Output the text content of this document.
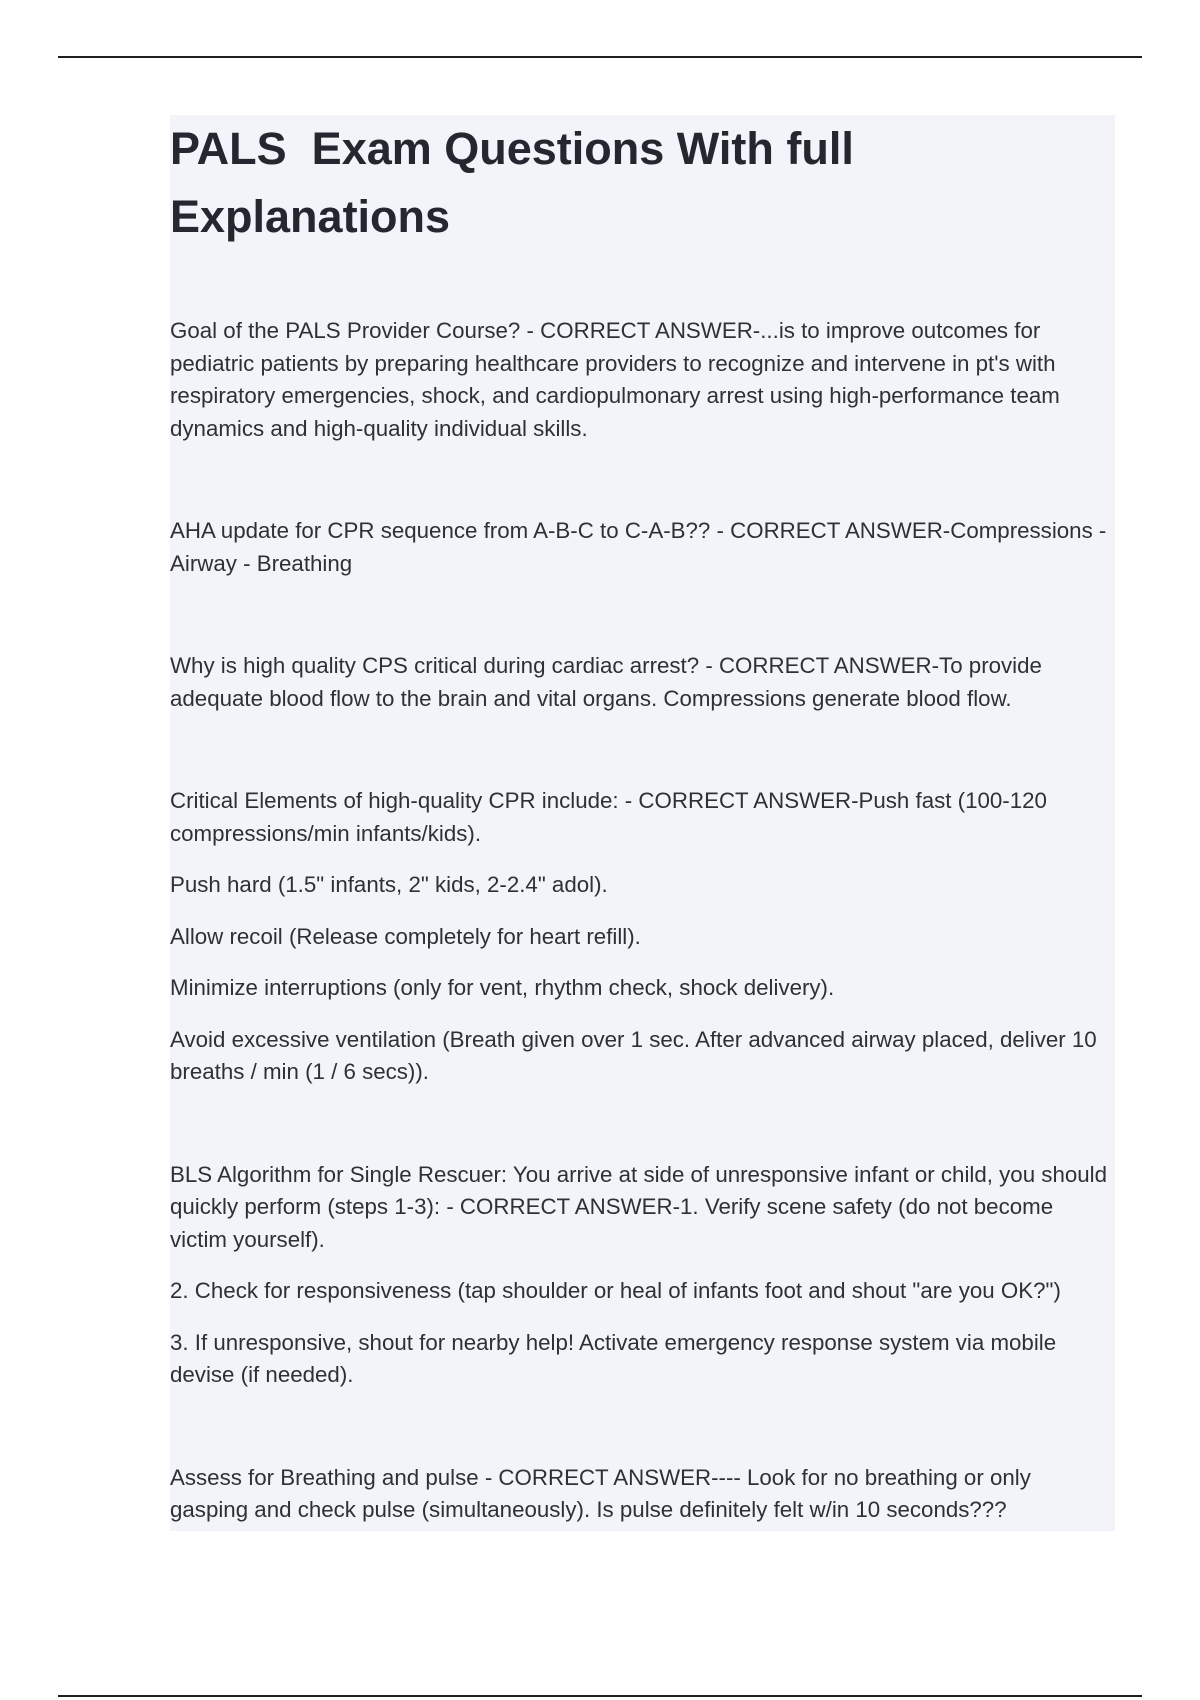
PALS  Exam Questions With full Explanations

Goal of the PALS Provider Course? - CORRECT ANSWER-...is to improve outcomes for pediatric patients by preparing healthcare providers to recognize and intervene in pt's with respiratory emergencies, shock, and cardiopulmonary arrest using high-performance team dynamics and high-quality individual skills.

AHA update for CPR sequence from A-B-C to C-A-B?? - CORRECT ANSWER-Compressions - Airway - Breathing

Why is high quality CPS critical during cardiac arrest? - CORRECT ANSWER-To provide adequate blood flow to the brain and vital organs. Compressions generate blood flow.

Critical Elements of high-quality CPR include: - CORRECT ANSWER-Push fast (100-120 compressions/min infants/kids).

Push hard (1.5" infants, 2" kids, 2-2.4" adol).

Allow recoil (Release completely for heart refill).

Minimize interruptions (only for vent, rhythm check, shock delivery).

Avoid excessive ventilation (Breath given over 1 sec. After advanced airway placed, deliver 10 breaths / min (1 / 6 secs)).

BLS Algorithm for Single Rescuer: You arrive at side of unresponsive infant or child, you should quickly perform (steps 1-3): - CORRECT ANSWER-1. Verify scene safety (do not become victim yourself).

2. Check for responsiveness (tap shoulder or heal of infants foot and shout "are you OK?")

3. If unresponsive, shout for nearby help! Activate emergency response system via mobile devise (if needed).

Assess for Breathing and pulse - CORRECT ANSWER---- Look for no breathing or only gasping and check pulse (simultaneously). Is pulse definitely felt w/in 10 seconds???
